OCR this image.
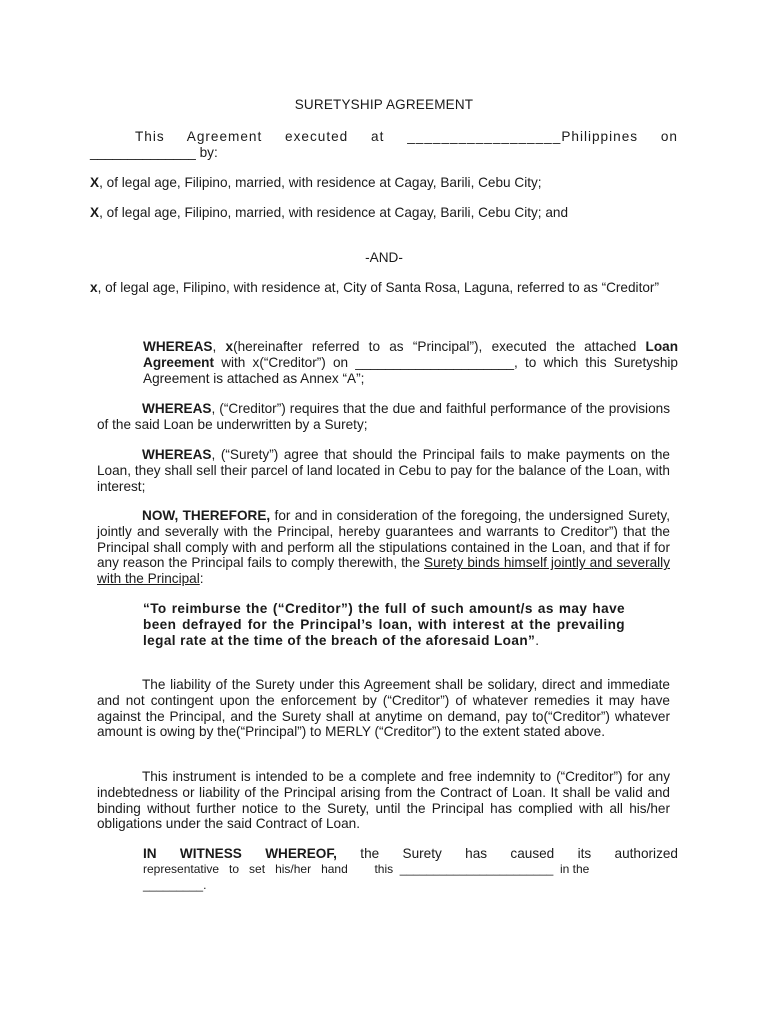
SURETYSHIP AGREEMENT

This Agreement executed at __________________Philippines on
______________ by:

X, of legal age, Filipino, married, with residence at Cagay, Barili, Cebu City;

X, of legal age, Filipino, married, with residence at Cagay, Barili, Cebu City; and

-AND-

x, of legal age, Filipino, with residence at, City of Santa Rosa, Laguna, referred to as “Creditor”

WHEREAS, x(hereinafter referred to as “Principal”), executed the attached Loan Agreement with x(“Creditor”) on _____________________, to which this Suretyship Agreement is attached as Annex “A”;

WHEREAS, (“Creditor”) requires that the due and faithful performance of the provisions of the said Loan be underwritten by a Surety;

WHEREAS, (“Surety”) agree that should the Principal fails to make payments on the Loan, they shall sell their parcel of land located in Cebu to pay for the balance of the Loan, with interest;

NOW, THEREFORE, for and in consideration of the foregoing, the undersigned Surety, jointly and severally with the Principal, hereby guarantees and warrants to Creditor”) that the Principal shall comply with and perform all the stipulations contained in the Loan, and that if for any reason the Principal fails to comply therewith, the Surety binds himself jointly and severally with the Principal:

“To reimburse the (“Creditor”) the full of such amount/s as may have been defrayed for the Principal’s loan, with interest at the prevailing legal rate at the time of the breach of the aforesaid Loan”.

The liability of the Surety under this Agreement shall be solidary, direct and immediate and not contingent upon the enforcement by (“Creditor”) of whatever remedies it may have against the Principal, and the Surety shall at anytime on demand, pay to(“Creditor”) whatever amount is owing by the(“Principal”) to MERLY (“Creditor”) to the extent stated above.

This instrument is intended to be a complete and free indemnity to (“Creditor”) for any indebtedness or liability of the Principal arising from the Contract of Loan. It shall be valid and binding without further notice to the Surety, until the Principal has complied with all his/her obligations under the said Contract of Loan.

IN WITNESS WHEREOF, the Surety has caused its authorized
representative   to   set   his/her   hand        this  _______________________  in the
_________.
